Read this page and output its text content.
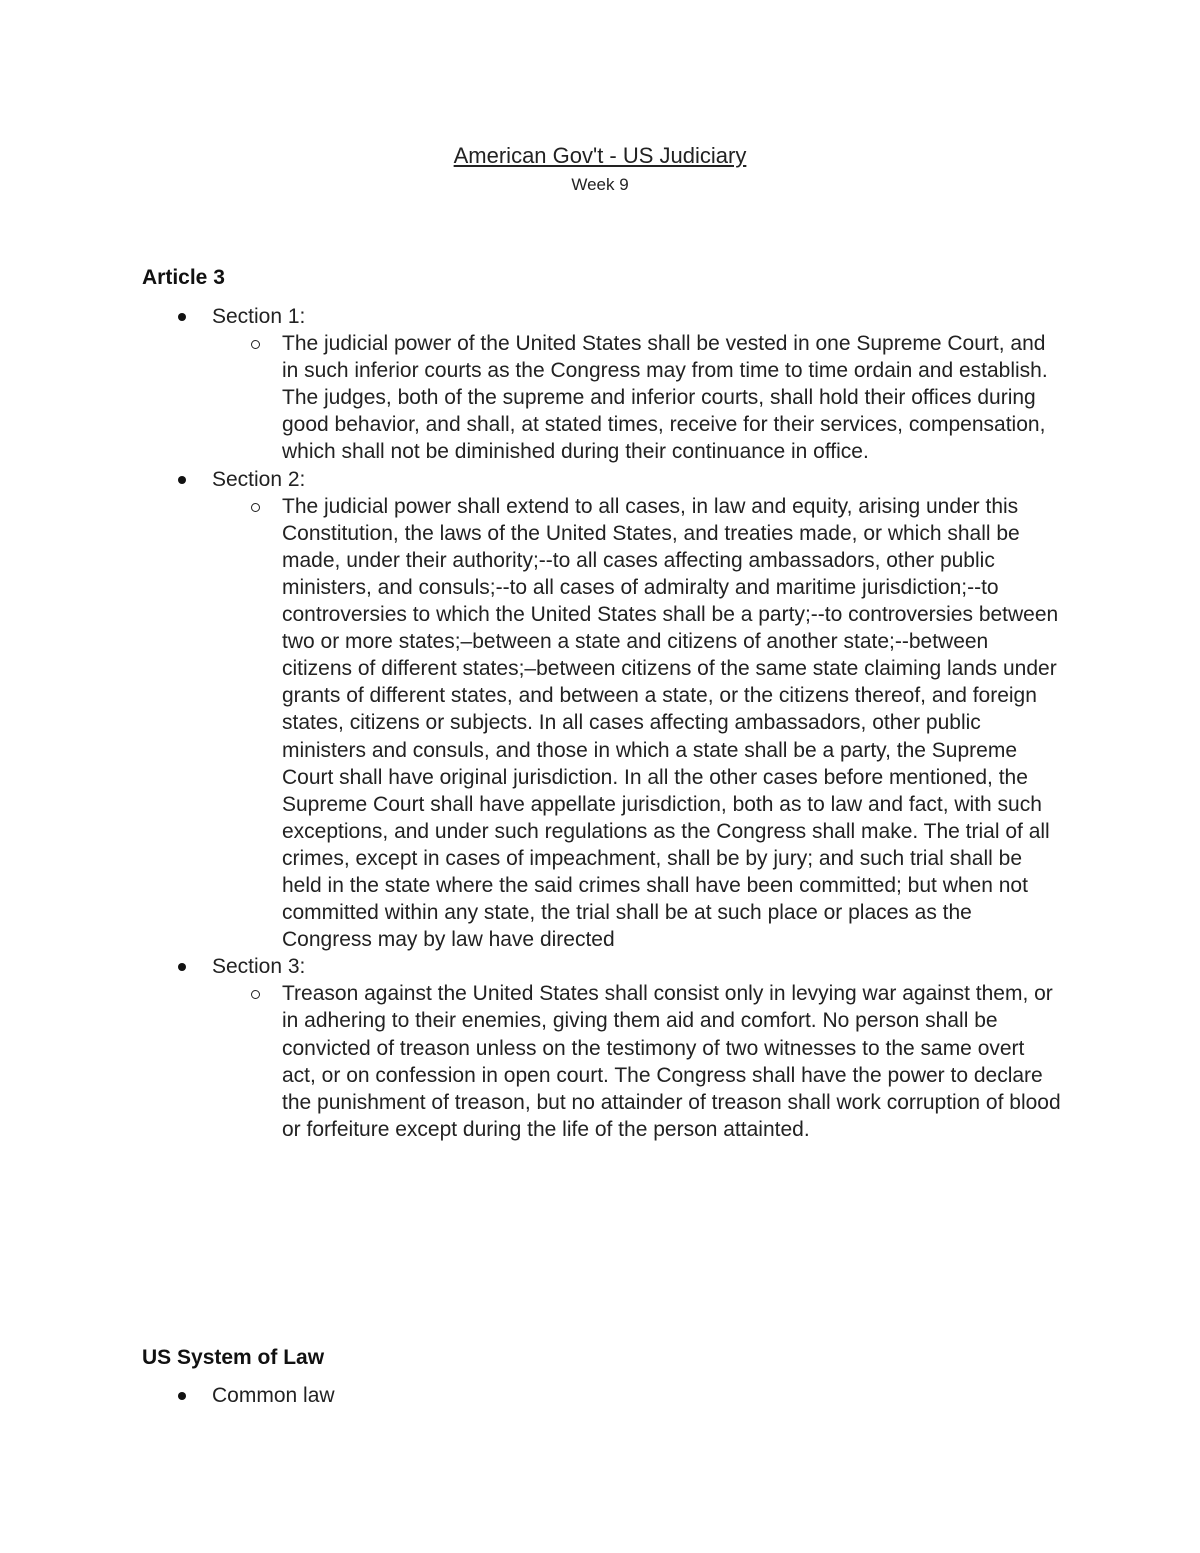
American Gov't - US Judiciary
Week 9
Article 3
Section 1:
The judicial power of the United States shall be vested in one Supreme Court, and in such inferior courts as the Congress may from time to time ordain and establish. The judges, both of the supreme and inferior courts, shall hold their offices during good behavior, and shall, at stated times, receive for their services, compensation, which shall not be diminished during their continuance in office.
Section 2:
The judicial power shall extend to all cases, in law and equity, arising under this Constitution, the laws of the United States, and treaties made, or which shall be made, under their authority;--to all cases affecting ambassadors, other public ministers, and consuls;--to all cases of admiralty and maritime jurisdiction;--to controversies to which the United States shall be a party;--to controversies between two or more states;–between a state and citizens of another state;--between citizens of different states;–between citizens of the same state claiming lands under grants of different states, and between a state, or the citizens thereof, and foreign states, citizens or subjects. In all cases affecting ambassadors, other public ministers and consuls, and those in which a state shall be a party, the Supreme Court shall have original jurisdiction. In all the other cases before mentioned, the Supreme Court shall have appellate jurisdiction, both as to law and fact, with such exceptions, and under such regulations as the Congress shall make. The trial of all crimes, except in cases of impeachment, shall be by jury; and such trial shall be held in the state where the said crimes shall have been committed; but when not committed within any state, the trial shall be at such place or places as the Congress may by law have directed
Section 3:
Treason against the United States shall consist only in levying war against them, or in adhering to their enemies, giving them aid and comfort. No person shall be convicted of treason unless on the testimony of two witnesses to the same overt act, or on confession in open court. The Congress shall have the power to declare the punishment of treason, but no attainder of treason shall work corruption of blood or forfeiture except during the life of the person attainted.
US System of Law
Common law
